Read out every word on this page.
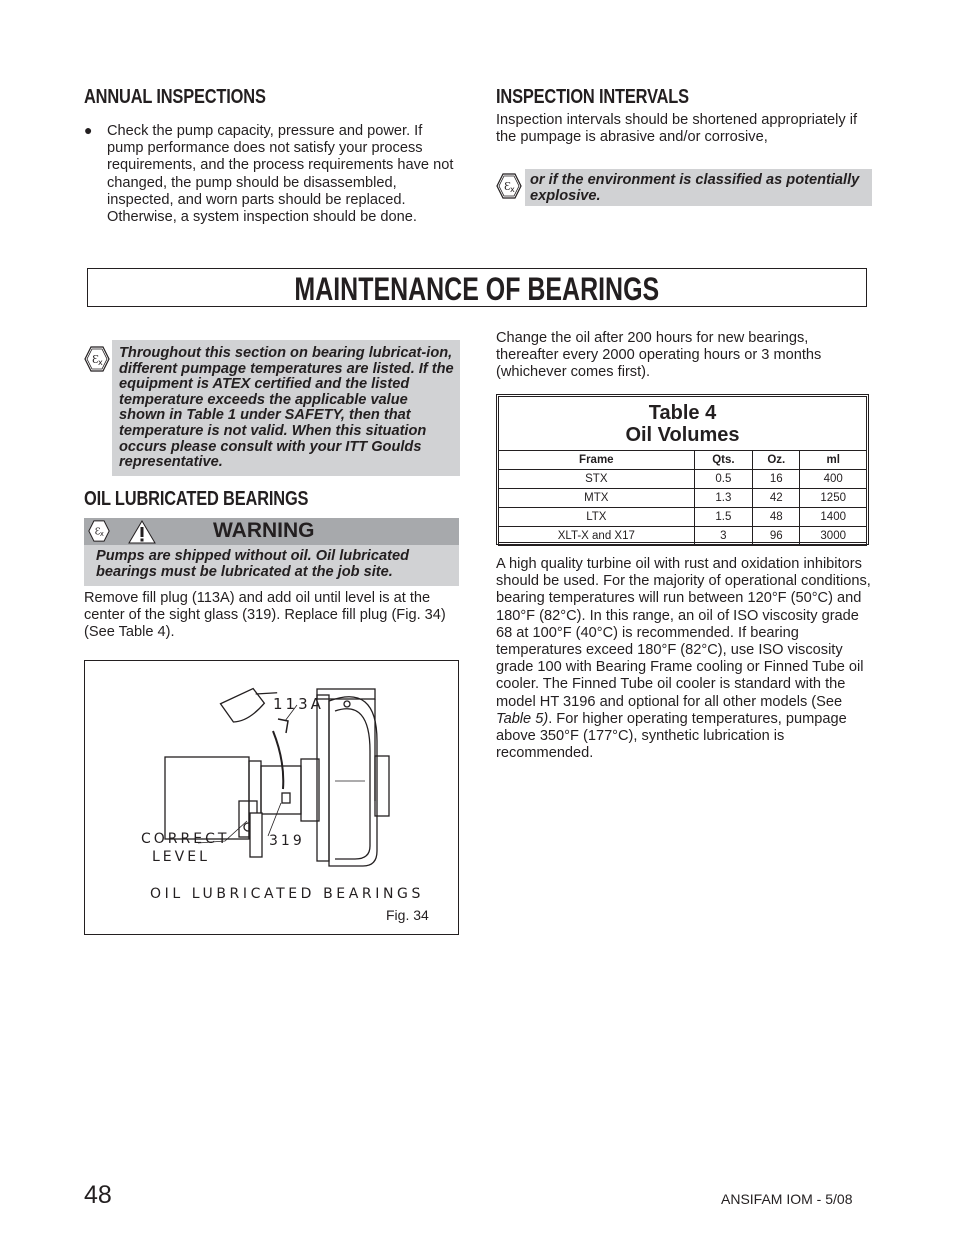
ANNUAL INSPECTIONS
● Check the pump capacity, pressure and power. If pump performance does not satisfy your process requirements, and the process requirements have not changed, the pump should be disassembled, inspected, and worn parts should be replaced. Otherwise, a system inspection should be done.
INSPECTION INTERVALS
Inspection intervals should be shortened appropriately if the pumpage is abrasive and/or corrosive,
Ɛ x
or if the environment is classified as potentially explosive.
MAINTENANCE OF BEARINGS
Ɛ x
Throughout this section on bearing lubricat-ion, different pumpage temperatures are listed. If the equipment is ATEX certified and the listed temperature exceeds the applicable value shown in Table 1 under SAFETY, then that temperature is not valid. When this situation occurs please consult with your ITT Goulds representative.
OIL LUBRICATED BEARINGS
Ɛ x	WARNING
Pumps are shipped without oil. Oil lubricated bearings must be lubricated at the job site.
Remove fill plug (113A) and add oil until level is at the center of the sight glass (319). Replace fill plug (Fig. 34) (See Table 4).
113A
CORRECT
LEVEL
319
OIL LUBRICATED BEARINGS
Fig. 34
Change the oil after 200 hours for new bearings, thereafter every 2000 operating hours or 3 months (whichever comes first).
Table 4
Oil Volumes
Frame	Qts.	Oz.	ml
STX	0.5	16	400
MTX	1.3	42	1250
LTX	1.5	48	1400
XLT-X and X17	3	96	3000
A high quality turbine oil with rust and oxidation inhibitors should be used. For the majority of operational conditions, bearing temperatures will run between 120°F (50°C) and 180°F (82°C). In this range, an oil of ISO viscosity grade 68 at 100°F (40°C) is recommended. If bearing temperatures exceed 180°F (82°C), use ISO viscosity grade 100 with Bearing Frame cooling or Finned Tube oil cooler. The Finned Tube oil cooler is standard with the model HT 3196 and optional for all other models (See Table 5). For higher operating temperatures, pumpage above 350°F (177°C), synthetic lubrication is recommended.
48	ANSIFAM IOM - 5/08
